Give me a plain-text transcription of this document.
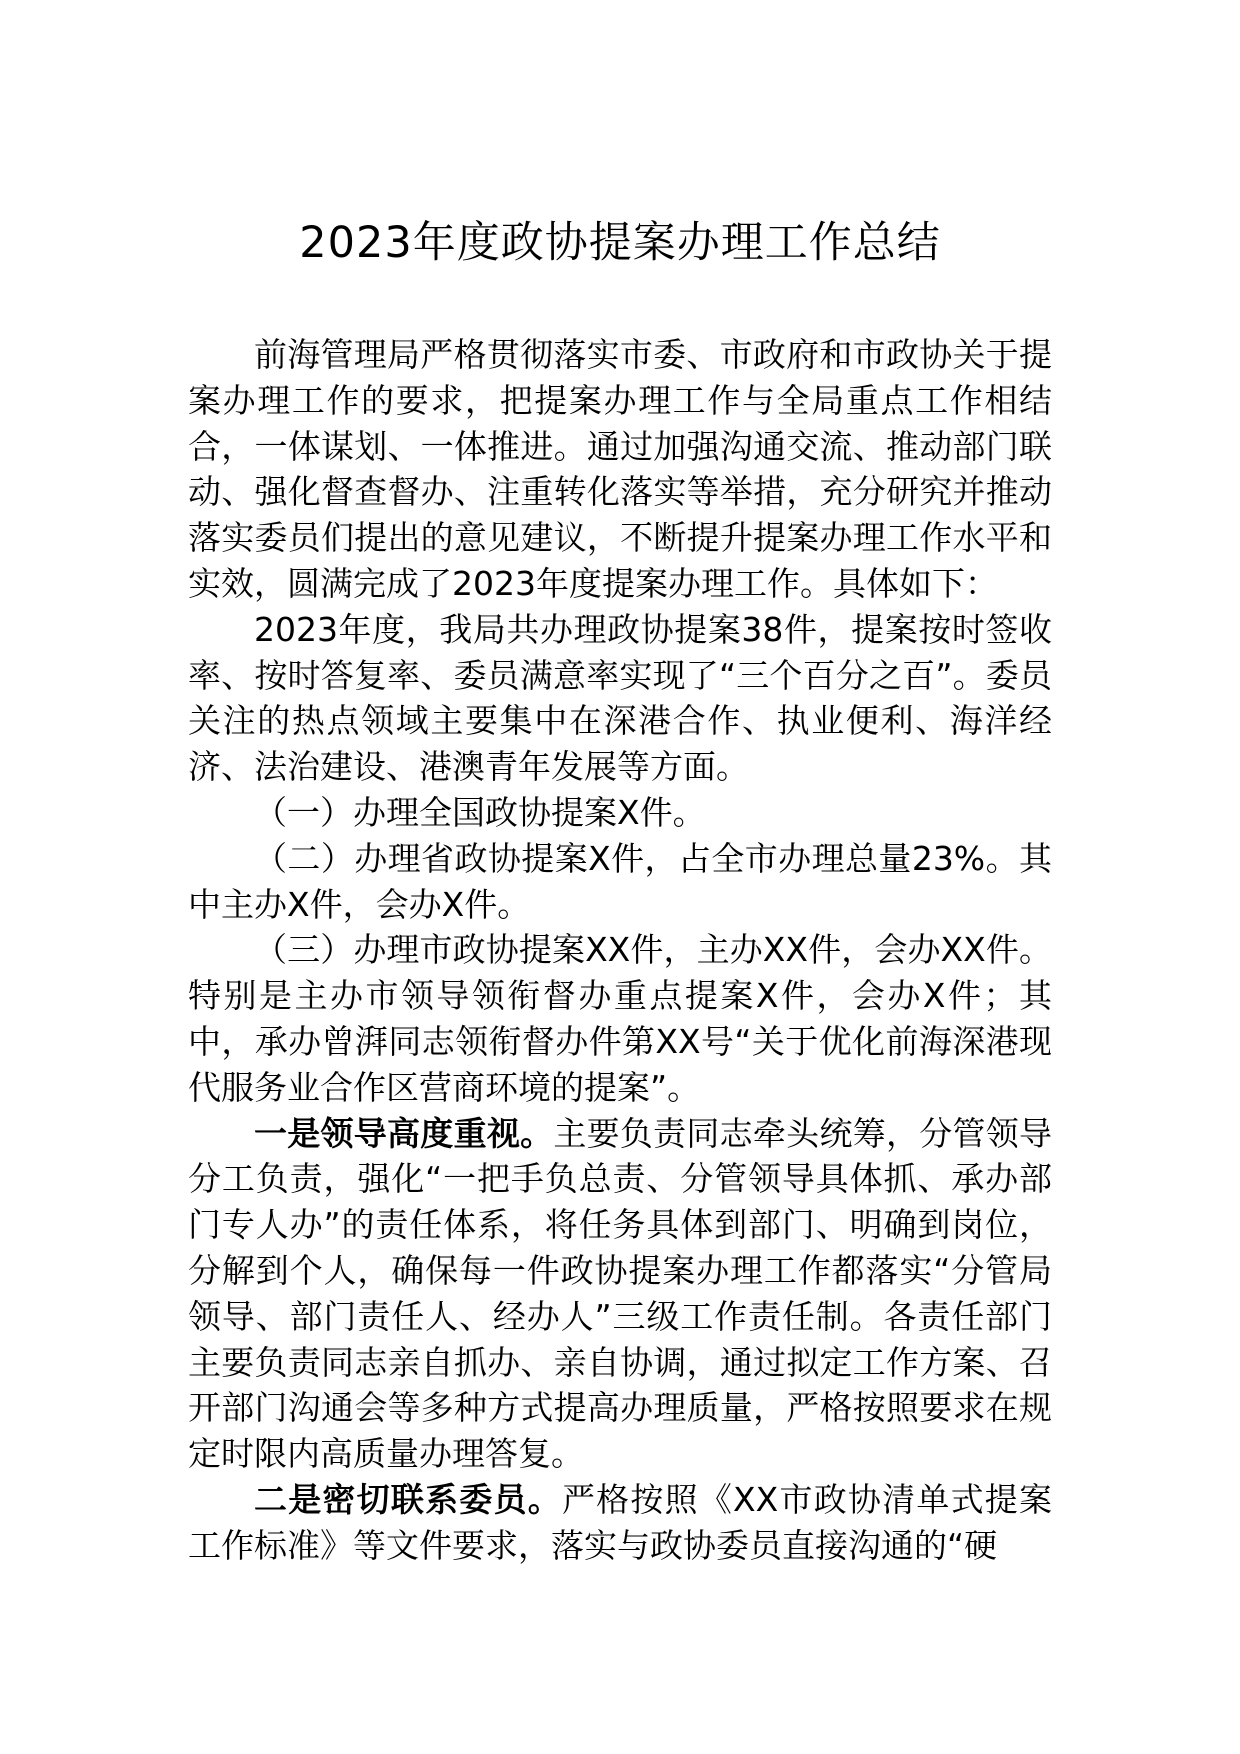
2023年度政协提案办理工作总结

前海管理局严格贯彻落实市委、市政府和市政协关于提案办理工作的要求，把提案办理工作与全局重点工作相结合，一体谋划、一体推进。通过加强沟通交流、推动部门联动、强化督查督办、注重转化落实等举措，充分研究并推动落实委员们提出的意见建议，不断提升提案办理工作水平和实效，圆满完成了2023年度提案办理工作。具体如下：

2023年度，我局共办理政协提案38件，提案按时签收率、按时答复率、委员满意率实现了“三个百分之百”。委员关注的热点领域主要集中在深港合作、执业便利、海洋经济、法治建设、港澳青年发展等方面。

（一）办理全国政协提案X件。

（二）办理省政协提案X件，占全市办理总量23%。其中主办X件，会办X件。

（三）办理市政协提案XX件，主办XX件，会办XX件。特别是主办市领导领衔督办重点提案X件，会办X件；其中，承办曾湃同志领衔督办件第XX号“关于优化前海深港现代服务业合作区营商环境的提案”。

一是领导高度重视。主要负责同志牵头统筹，分管领导分工负责，强化“一把手负总责、分管领导具体抓、承办部门专人办”的责任体系，将任务具体到部门、明确到岗位，分解到个人，确保每一件政协提案办理工作都落实“分管局领导、部门责任人、经办人”三级工作责任制。各责任部门主要负责同志亲自抓办、亲自协调，通过拟定工作方案、召开部门沟通会等多种方式提高办理质量，严格按照要求在规定时限内高质量办理答复。

二是密切联系委员。严格按照《XX市政协清单式提案工作标准》等文件要求，落实与政协委员直接沟通的“硬
